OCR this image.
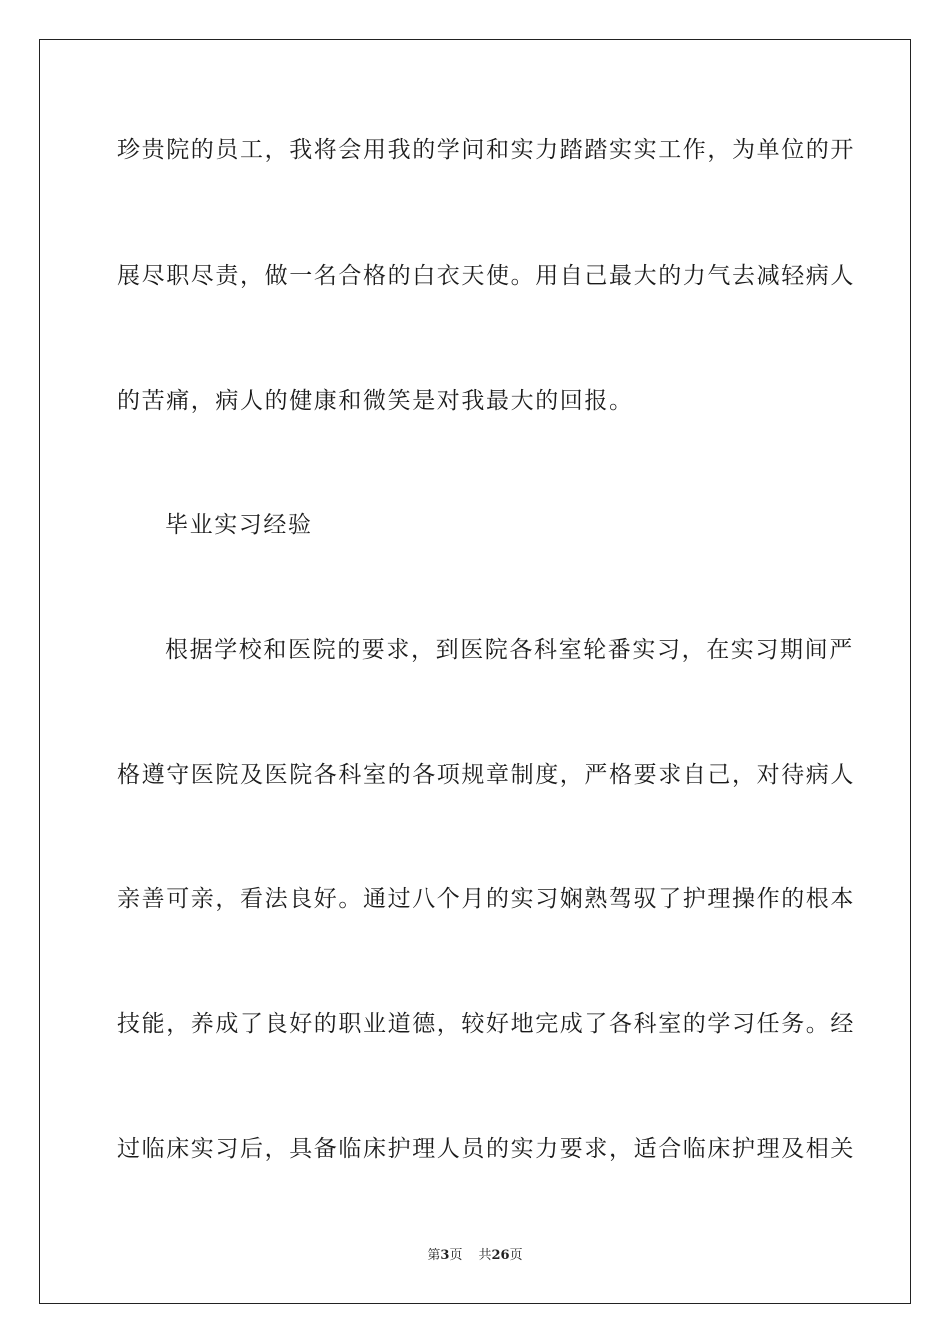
珍贵院的员工，我将会用我的学问和实力踏踏实实工作，为单位的开
展尽职尽责，做一名合格的白衣天使。用自己最大的力气去减轻病人
的苦痛，病人的健康和微笑是对我最大的回报。
毕业实习经验
根据学校和医院的要求，到医院各科室轮番实习，在实习期间严
格遵守医院及医院各科室的各项规章制度，严格要求自己，对待病人
亲善可亲，看法良好。通过八个月的实习娴熟驾驭了护理操作的根本
技能，养成了良好的职业道德，较好地完成了各科室的学习任务。经
过临床实习后，具备临床护理人员的实力要求，适合临床护理及相关
第3页 共26页
